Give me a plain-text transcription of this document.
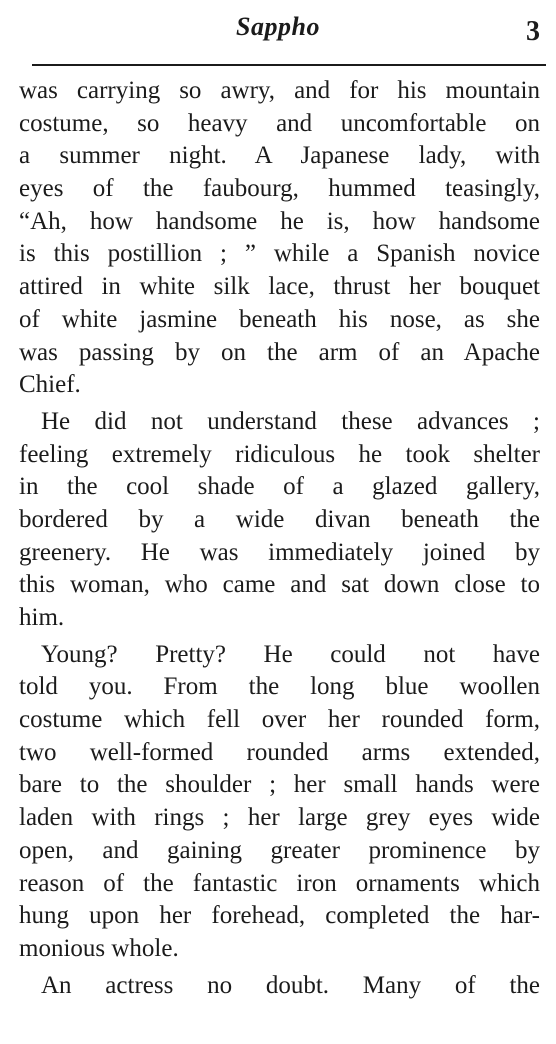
Sappho	3
was carrying so awry, and for his mountain
costume, so heavy and uncomfortable on
a summer night. A Japanese lady, with
eyes of the faubourg, hummed teasingly,
“Ah, how handsome he is, how handsome
is this postillion ; ” while a Spanish novice
attired in white silk lace, thrust her bouquet
of white jasmine beneath his nose, as she
was passing by on the arm of an Apache
Chief.
He did not understand these advances ;
feeling extremely ridiculous he took shelter
in the cool shade of a glazed gallery,
bordered by a wide divan beneath the
greenery. He was immediately joined by
this woman, who came and sat down close to
him.
Young? Pretty? He could not have
told you. From the long blue woollen
costume which fell over her rounded form,
two well-formed rounded arms extended,
bare to the shoulder ; her small hands were
laden with rings ; her large grey eyes wide
open, and gaining greater prominence by
reason of the fantastic iron ornaments which
hung upon her forehead, completed the har-
monious whole.
An actress no doubt. Many of the
